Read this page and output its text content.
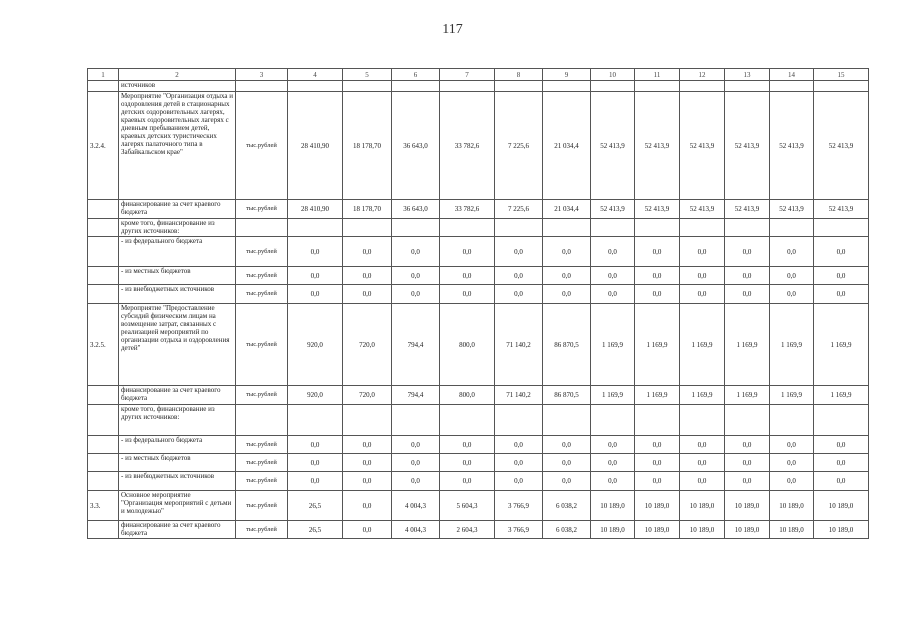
117
1	2	3	4	5	6	7	8	9	10	11	12	13	14	15
	источников													
3.2.4.	Мероприятие "Организация отдыха и оздоровления детей в стационарных детских оздоровительных лагерях, краевых оздоровительных лагерях с дневным пребыванием детей, краевых детских туристических лагерях палаточного типа в Забайкальском крае"	тыс.рублей	28 410,90	18 178,70	36 643,0	33 782,6	7 225,6	21 034,4	52 413,9	52 413,9	52 413,9	52 413,9	52 413,9	52 413,9
	финансирование за счет краевого бюджета	тыс.рублей	28 410,90	18 178,70	36 643,0	33 782,6	7 225,6	21 034,4	52 413,9	52 413,9	52 413,9	52 413,9	52 413,9	52 413,9
	кроме того, финансирование из других источников:													
	- из федерального бюджета	тыс.рублей	0,0	0,0	0,0	0,0	0,0	0,0	0,0	0,0	0,0	0,0	0,0	0,0
	- из местных бюджетов	тыс.рублей	0,0	0,0	0,0	0,0	0,0	0,0	0,0	0,0	0,0	0,0	0,0	0,0
	- из внебюджетных источников	тыс.рублей	0,0	0,0	0,0	0,0	0,0	0,0	0,0	0,0	0,0	0,0	0,0	0,0
3.2.5.	Мероприятие "Предоставление субсидий физическим лицам на возмещение затрат, связанных с реализацией мероприятий по организации отдыха и оздоровления детей"	тыс.рублей	920,0	720,0	794,4	800,0	71 140,2	86 870,5	1 169,9	1 169,9	1 169,9	1 169,9	1 169,9	1 169,9
	финансирование за счет краевого бюджета	тыс.рублей	920,0	720,0	794,4	800,0	71 140,2	86 870,5	1 169,9	1 169,9	1 169,9	1 169,9	1 169,9	1 169,9
	кроме того, финансирование из других источников:													
	- из федерального бюджета	тыс.рублей	0,0	0,0	0,0	0,0	0,0	0,0	0,0	0,0	0,0	0,0	0,0	0,0
	- из местных бюджетов	тыс.рублей	0,0	0,0	0,0	0,0	0,0	0,0	0,0	0,0	0,0	0,0	0,0	0,0
	- из внебюджетных источников	тыс.рублей	0,0	0,0	0,0	0,0	0,0	0,0	0,0	0,0	0,0	0,0	0,0	0,0
3.3.	Основное мероприятие "Организация мероприятий с детьми и молодежью"	тыс.рублей	26,5	0,0	4 004,3	5 604,3	3 766,9	6 038,2	10 189,0	10 189,0	10 189,0	10 189,0	10 189,0	10 189,0
	финансирование за счет краевого бюджета	тыс.рублей	26,5	0,0	4 004,3	2 604,3	3 766,9	6 038,2	10 189,0	10 189,0	10 189,0	10 189,0	10 189,0	10 189,0
